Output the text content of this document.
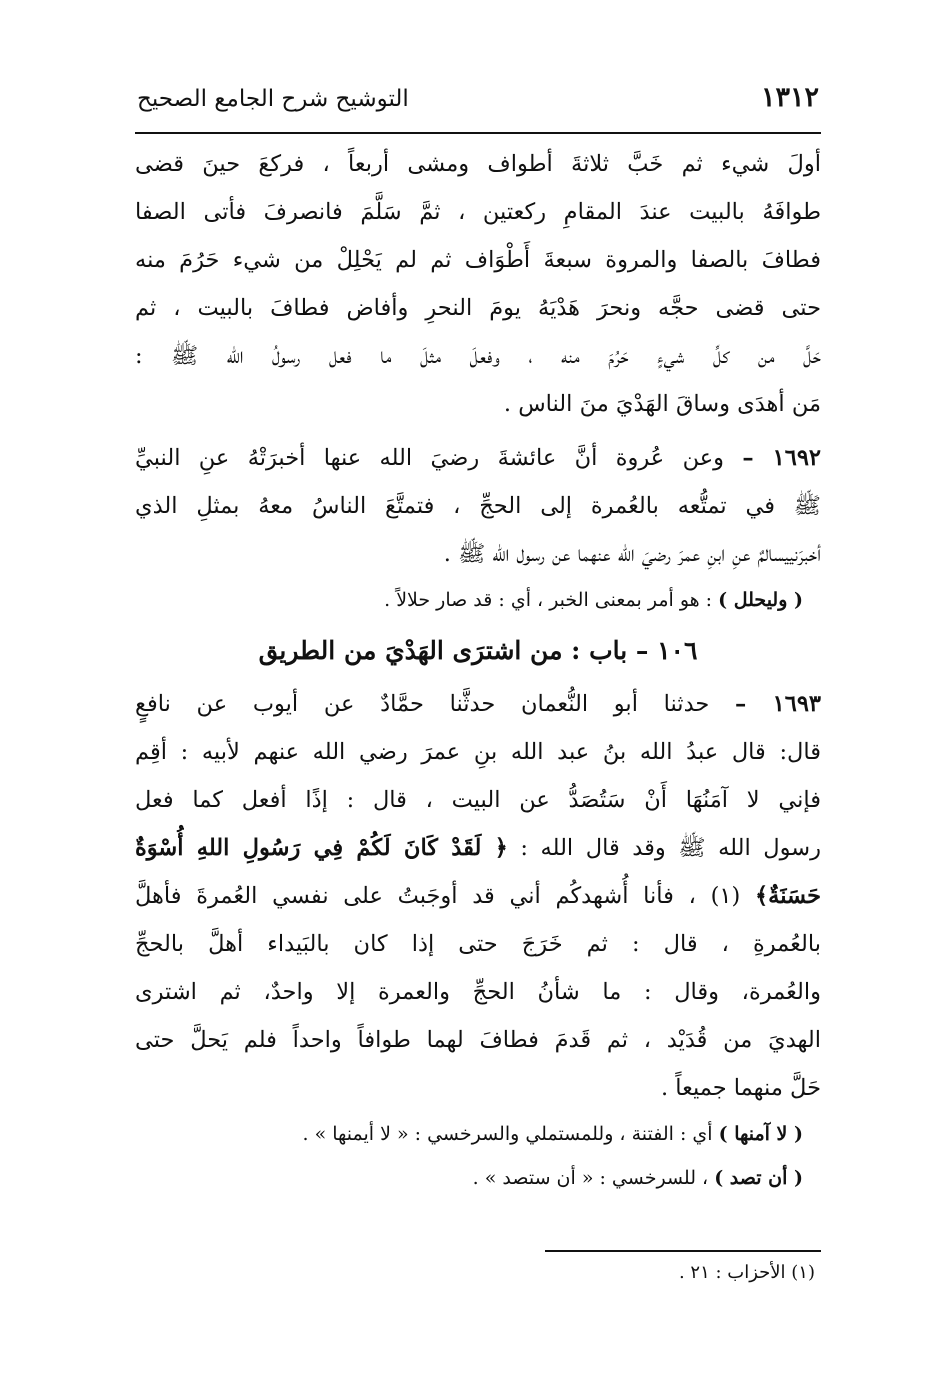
١٣١٢
التوشيح شرح الجامع الصحيح
أولَ شيء ثم خَبَّ ثلاثةَ أطواف ومشى أربعاً ، فركعَ حينَ قضى
طوافَهُ بالبيت عندَ المقامِ ركعتين ، ثمَّ سَلَّمَ فانصرفَ فأتى الصفا
فطافَ بالصفا والمروة سبعةَ أَطْوَاف ثم لم يَحْلِلْ من شيء حَرُمَ منه
حتى قضى حجَّه ونحرَ هَدْيَهُ يومَ النحرِ وأفاض فطافَ بالبيت ، ثم
حَلَّ من كلِّ شيءٍ حَرُمَ منه ، وفعلَ مثلَ ما فعل رسولُ الله ﷺ :
مَن أهدَى وساقَ الهَدْيَ منَ الناس .
١٦٩٢ – وعن عُروة أنَّ عائشةَ رضيَ الله عنها أخبرَتْهُ عنِ النبيِّ
ﷺ في تمتُّعه بالعُمرة إلى الحجِّ ، فتمتَّعَ الناسُ معهُ بمثلِ الذي
أخبرَنييسالمٌ عنِ ابنِ عمرَ رضيَ الله عنهما عن رسول الله ﷺ .
( وليحلل ) : هو أمر بمعنى الخبر ، أي : قد صار حلالاً .
١٠٦ – باب : من اشترَى الهَدْيَ من الطريق
١٦٩٣ – حدثنا أبو النُّعمان حدثَّنا حمَّادٌ عن أيوب عن نافعٍ
قال: قال عبدُ الله بنُ عبد الله بنِ عمرَ رضي الله عنهم لأبيه : أقِم
فإني لا آمَنُهَا أَنْ سَتُصَدُّ عن البيت ، قال : إذًا أفعل كما فعل
رسول الله ﷺ وقد قال الله : ﴿ لَقَدْ كَانَ لَكُمْ فِي رَسُولِ اللهِ أُسْوَةٌ
حَسَنَةٌ﴾ (١) ، فأنا أُشهدكُم أني قد أوجَبتُ على نفسي العُمرةَ فأهلَّ
بالعُمرةِ ، قال : ثم خَرَجَ حتى إذا كان بالبَيداء أهلَّ بالحجِّ
والعُمرة، وقال : ما شأنُ الحجِّ والعمرة إلا واحدٌ، ثم اشترى
الهديَ من قُدَيْد ، ثم قَدمَ فطافَ لهما طوافاً واحداً فلم يَحلَّ حتى
حَلَّ منهما جميعاً .
( لا آمنها ) أي : الفتنة ، وللمستملي والسرخسي : « لا أيمنها » .
( أن تصد ) ، للسرخسي : « أن ستصد » .
(١) الأحزاب : ٢١ .
